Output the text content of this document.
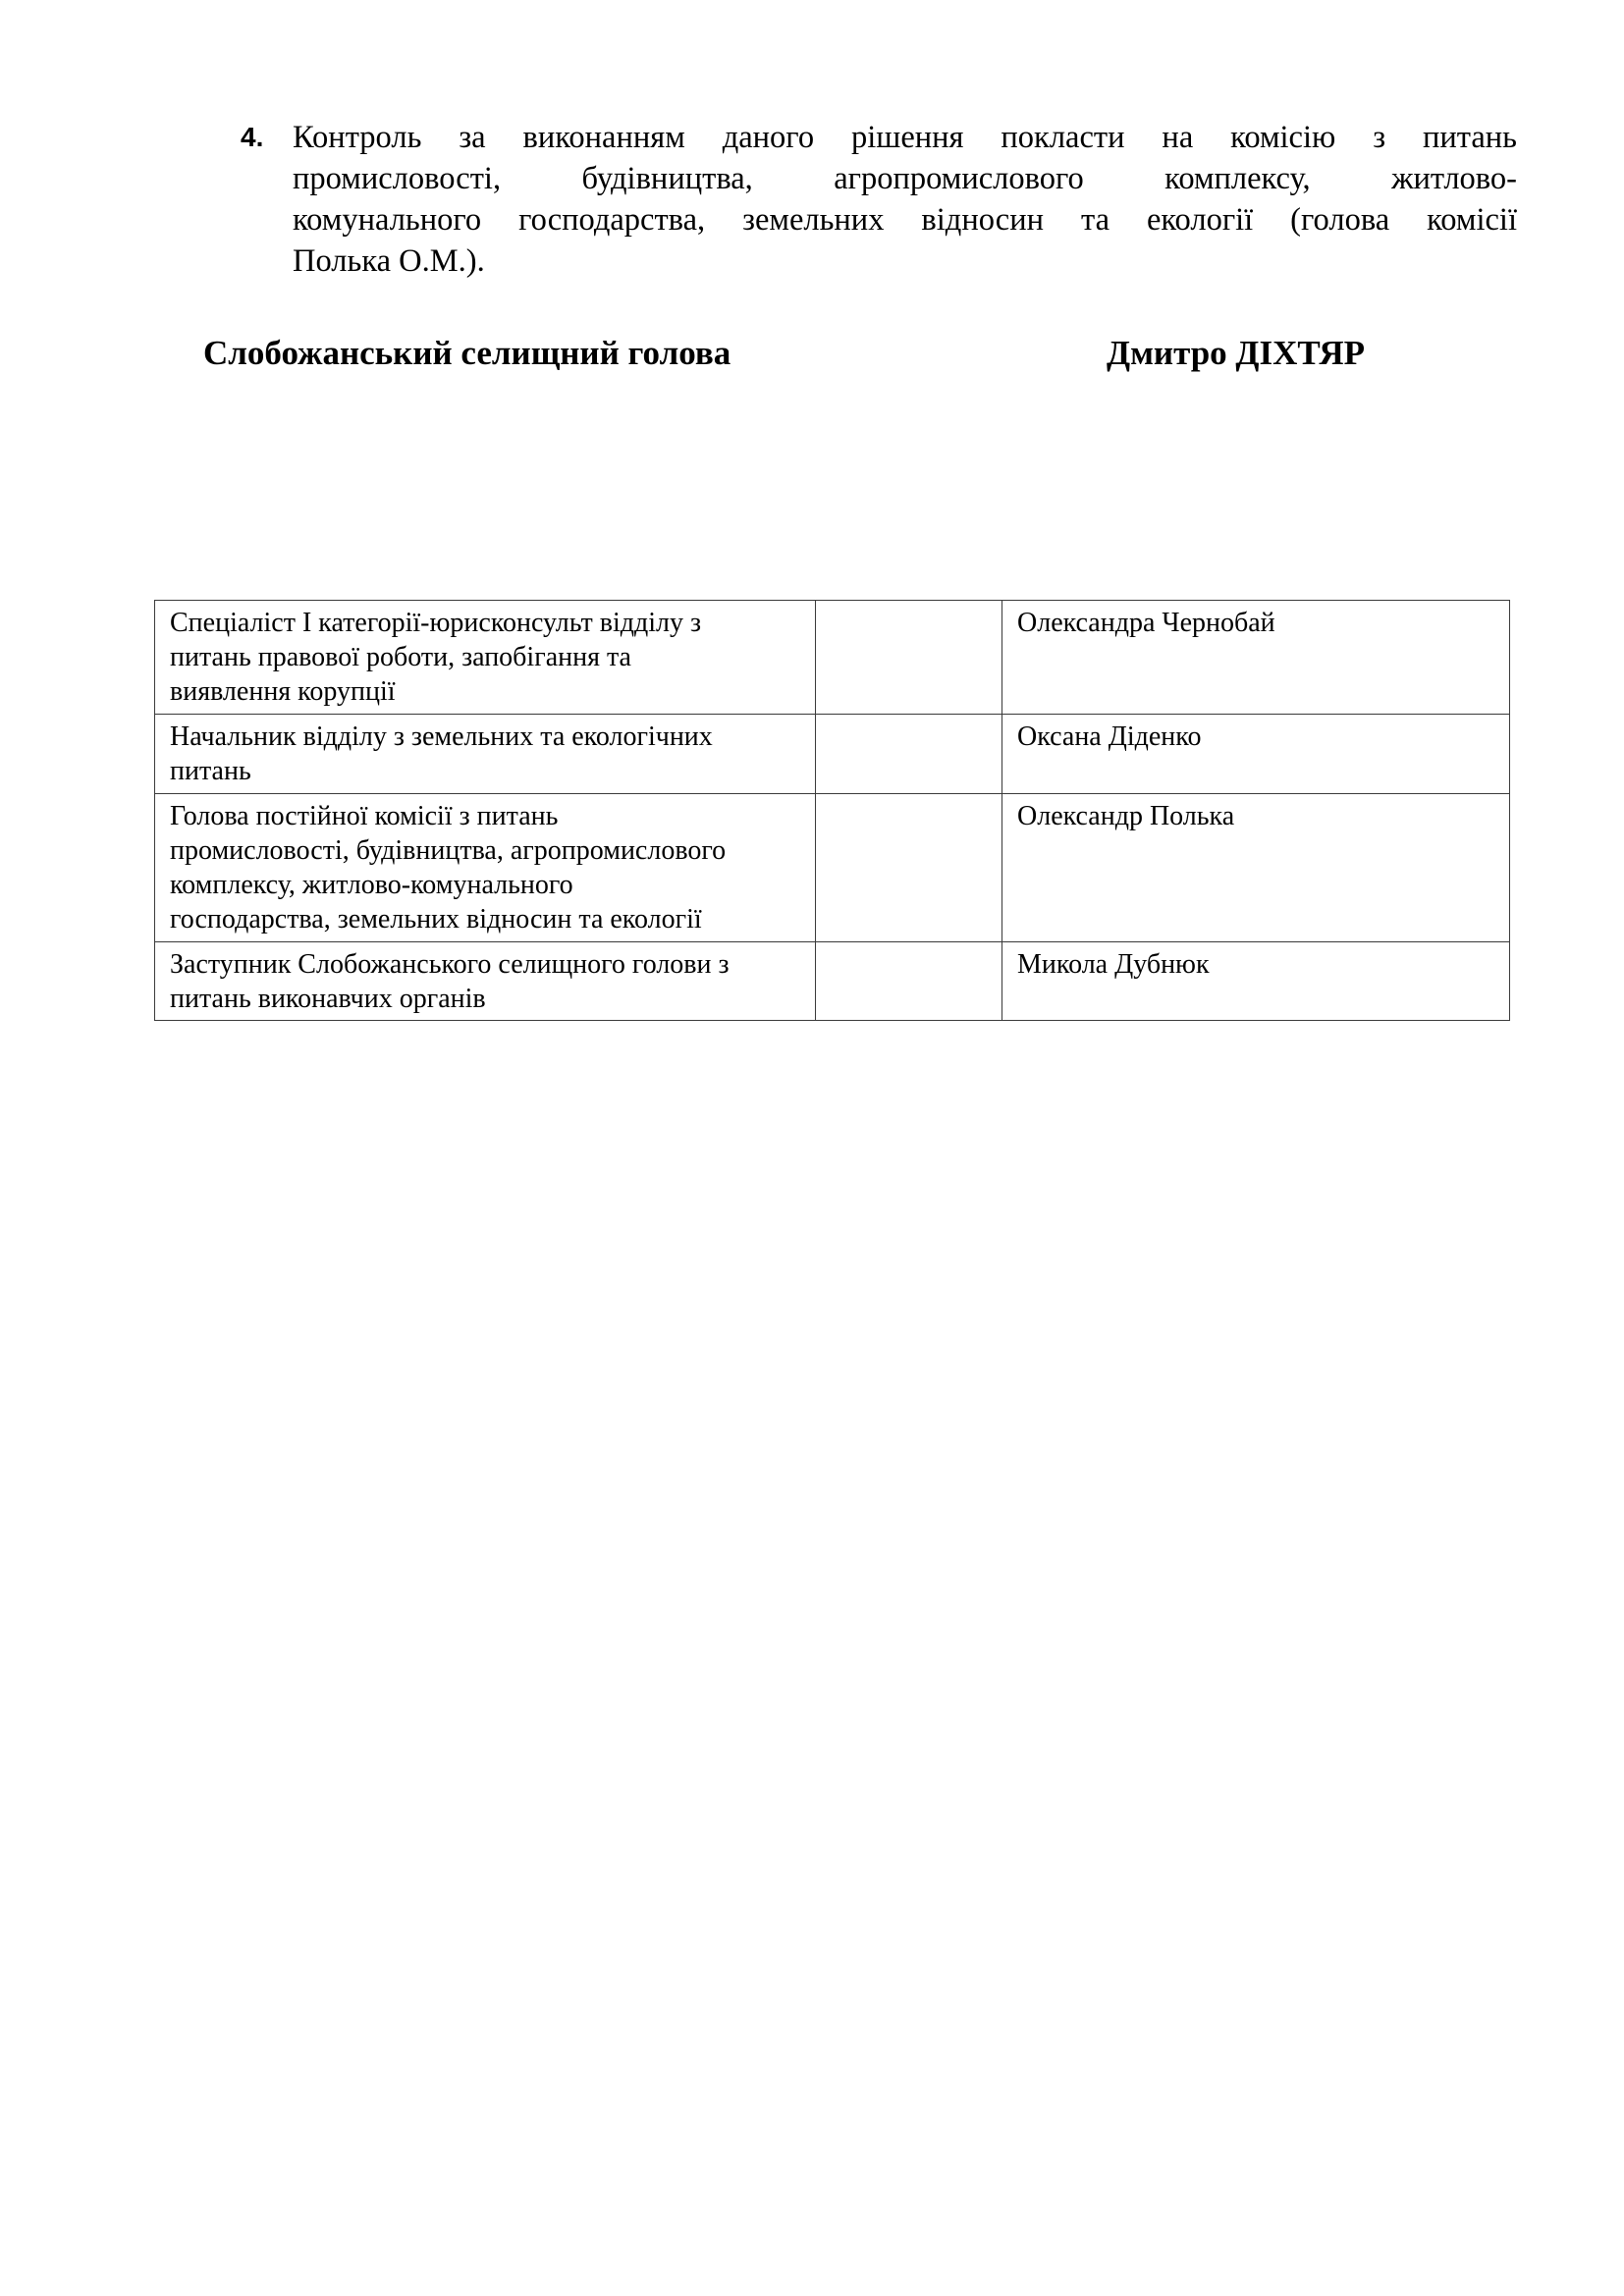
4. Контроль за виконанням даного рішення покласти на комісію з питань
промисловості, будівництва, агропромислового комплексу, житлово-
комунального господарства, земельних відносин та екології (голова комісії
Полька О.М.).
Слобожанський селищний голова	Дмитро ДІХТЯР
Спеціаліст І категорії-юрисконсульт відділу з
питань правової роботи, запобігання та
виявлення корупції		Олександра Чернобай

Начальник відділу з земельних та екологічних
питань		Оксана Діденко

Голова постійної комісії з питань
промисловості, будівництва, агропромислового
комплексу, житлово-комунального
господарства, земельних відносин та екології		Олександр Полька

Заступник Слобожанського селищного голови з
питань виконавчих органів		Микола Дубнюк
